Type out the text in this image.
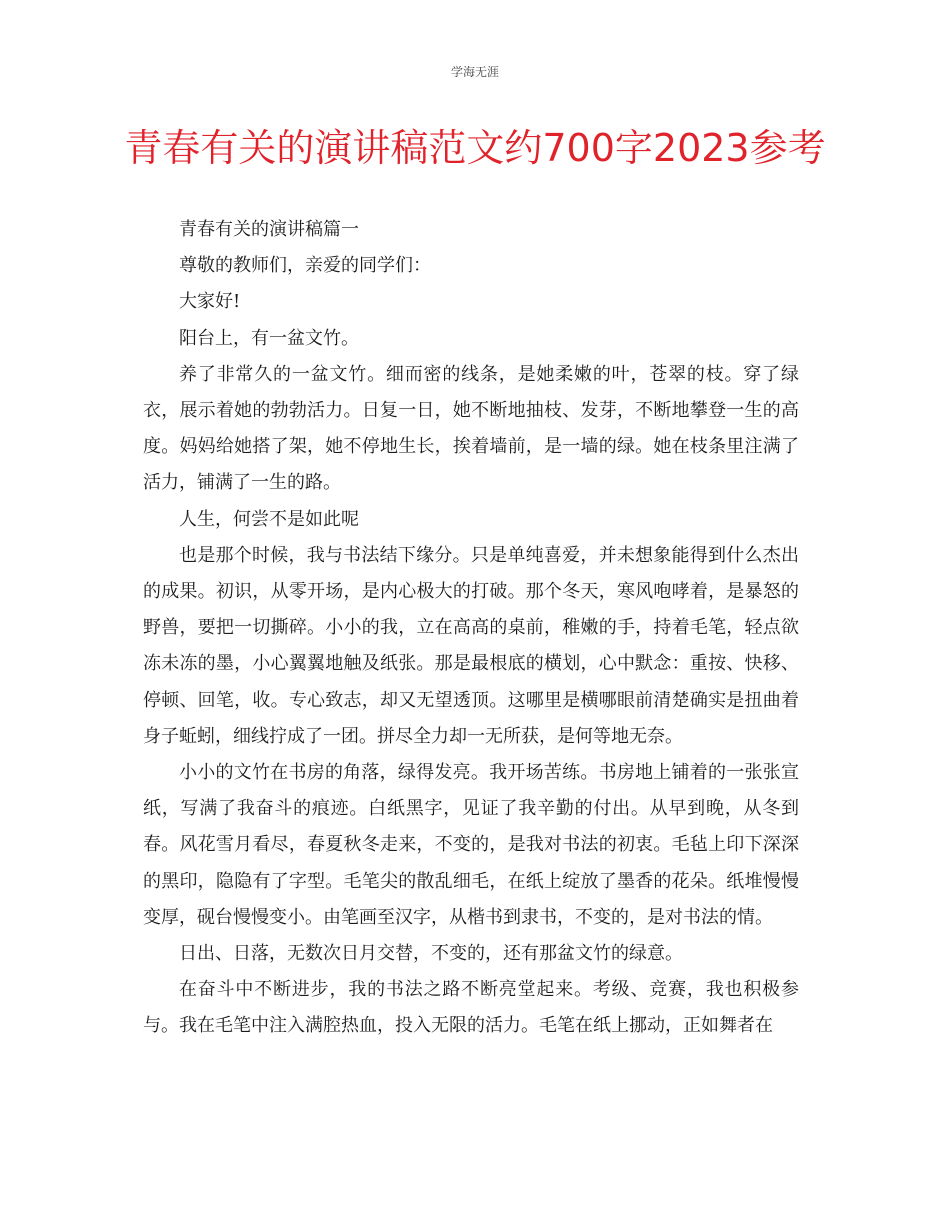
学海无涯
青春有关的演讲稿范文约700字2023参考

青春有关的演讲稿篇一

尊敬的教师们，亲爱的同学们：

大家好!

阳台上，有一盆文竹。

养了非常久的一盆文竹。细而密的线条，是她柔嫩的叶，苍翠的枝。穿了绿衣，展示着她的勃勃活力。日复一日，她不断地抽枝、发芽，不断地攀登一生的高度。妈妈给她搭了架，她不停地生长，挨着墙前，是一墙的绿。她在枝条里注满了活力，铺满了一生的路。

人生，何尝不是如此呢

也是那个时候，我与书法结下缘分。只是单纯喜爱，并未想象能得到什么杰出的成果。初识，从零开场，是内心极大的打破。那个冬天，寒风咆哮着，是暴怒的野兽，要把一切撕碎。小小的我，立在高高的桌前，稚嫩的手，持着毛笔，轻点欲冻未冻的墨，小心翼翼地触及纸张。那是最根底的横划，心中默念：重按、快移、停顿、回笔，收。专心致志，却又无望透顶。这哪里是横哪眼前清楚确实是扭曲着身子蚯蚓，细线拧成了一团。拼尽全力却一无所获，是何等地无奈。

小小的文竹在书房的角落，绿得发亮。我开场苦练。书房地上铺着的一张张宣纸，写满了我奋斗的痕迹。白纸黑字，见证了我辛勤的付出。从早到晚，从冬到春。风花雪月看尽，春夏秋冬走来，不变的，是我对书法的初衷。毛毡上印下深深的黑印，隐隐有了字型。毛笔尖的散乱细毛，在纸上绽放了墨香的花朵。纸堆慢慢变厚，砚台慢慢变小。由笔画至汉字，从楷书到隶书，不变的，是对书法的情。

日出、日落，无数次日月交替，不变的，还有那盆文竹的绿意。

在奋斗中不断进步，我的书法之路不断亮堂起来。考级、竞赛，我也积极参与。我在毛笔中注入满腔热血，投入无限的活力。毛笔在纸上挪动，正如舞者在
